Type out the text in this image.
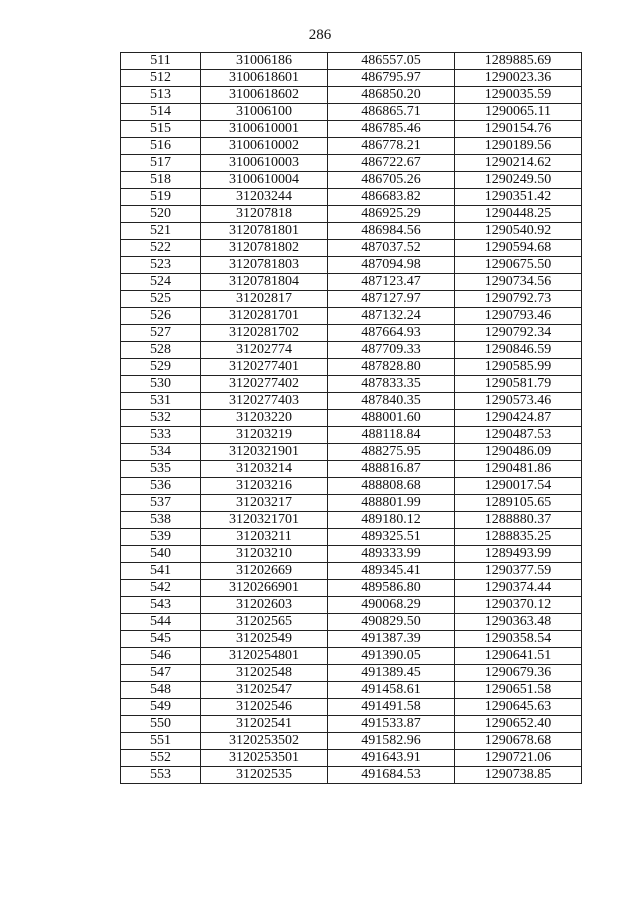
286
511	31006186	486557.05	1289885.69
512	3100618601	486795.97	1290023.36
513	3100618602	486850.20	1290035.59
514	31006100	486865.71	1290065.11
515	3100610001	486785.46	1290154.76
516	3100610002	486778.21	1290189.56
517	3100610003	486722.67	1290214.62
518	3100610004	486705.26	1290249.50
519	31203244	486683.82	1290351.42
520	31207818	486925.29	1290448.25
521	3120781801	486984.56	1290540.92
522	3120781802	487037.52	1290594.68
523	3120781803	487094.98	1290675.50
524	3120781804	487123.47	1290734.56
525	31202817	487127.97	1290792.73
526	3120281701	487132.24	1290793.46
527	3120281702	487664.93	1290792.34
528	31202774	487709.33	1290846.59
529	3120277401	487828.80	1290585.99
530	3120277402	487833.35	1290581.79
531	3120277403	487840.35	1290573.46
532	31203220	488001.60	1290424.87
533	31203219	488118.84	1290487.53
534	3120321901	488275.95	1290486.09
535	31203214	488816.87	1290481.86
536	31203216	488808.68	1290017.54
537	31203217	488801.99	1289105.65
538	3120321701	489180.12	1288880.37
539	31203211	489325.51	1288835.25
540	31203210	489333.99	1289493.99
541	31202669	489345.41	1290377.59
542	3120266901	489586.80	1290374.44
543	31202603	490068.29	1290370.12
544	31202565	490829.50	1290363.48
545	31202549	491387.39	1290358.54
546	3120254801	491390.05	1290641.51
547	31202548	491389.45	1290679.36
548	31202547	491458.61	1290651.58
549	31202546	491491.58	1290645.63
550	31202541	491533.87	1290652.40
551	3120253502	491582.96	1290678.68
552	3120253501	491643.91	1290721.06
553	31202535	491684.53	1290738.85
